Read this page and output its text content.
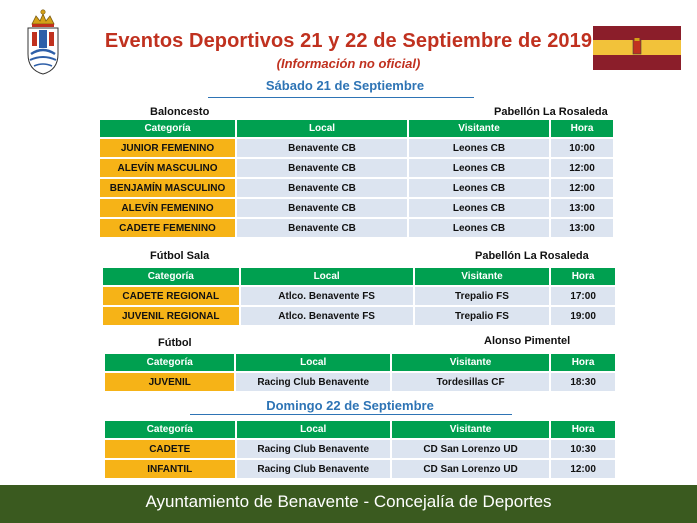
Eventos Deportivos 21 y 22 de Septiembre de 2019
(Información no oficial)
Sábado 21 de Septiembre
Baloncesto	Pabellón La Rosaleda
Categoría	Local	Visitante	Hora
JUNIOR FEMENINO	Benavente CB	Leones CB	10:00
ALEVÍN MASCULINO	Benavente CB	Leones CB	12:00
BENJAMÍN MASCULINO	Benavente CB	Leones CB	12:00
ALEVÍN FEMENINO	Benavente CB	Leones CB	13:00
CADETE FEMENINO	Benavente CB	Leones CB	13:00
Fútbol Sala	Pabellón La Rosaleda
Categoría	Local	Visitante	Hora
CADETE REGIONAL	Atlco. Benavente FS	Trepalio FS	17:00
JUVENIL REGIONAL	Atlco. Benavente FS	Trepalio FS	19:00
Fútbol	Alonso Pimentel
Categoría	Local	Visitante	Hora
JUVENIL	Racing Club Benavente	Tordesillas CF	18:30
Domingo 22 de Septiembre
Categoría	Local	Visitante	Hora
CADETE	Racing Club Benavente	CD San Lorenzo UD	10:30
INFANTIL	Racing Club Benavente	CD San Lorenzo UD	12:00
Ayuntamiento de Benavente - Concejalía de Deportes
